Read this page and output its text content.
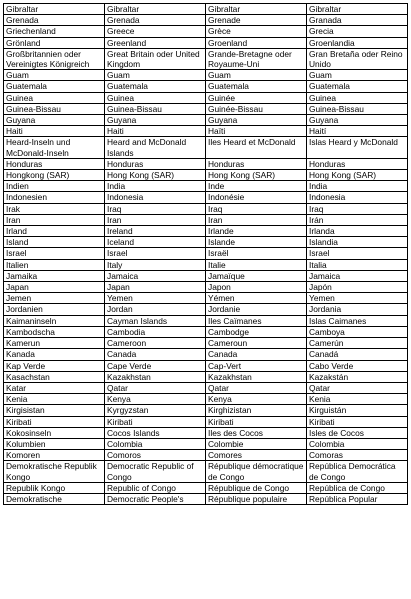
Gibraltar	Gibraltar	Gibraltar	Gibraltar
Grenada	Grenada	Grenade	Granada
Griechenland	Greece	Grèce	Grecia
Grönland	Greenland	Groenland	Groenlandia
Großbritannien oder Vereinigtes Königreich	Great Britain oder United Kingdom	Grande-Bretagne oder Royaume-Uni	Gran Bretaña oder Reino Unido
Guam	Guam	Guam	Guam
Guatemala	Guatemala	Guatemala	Guatemala
Guinea	Guinea	Guinée	Guinea
Guinea-Bissau	Guinea-Bissau	Guinée-Bissau	Guinea-Bissau
Guyana	Guyana	Guyana	Guyana
Haiti	Haiti	Haïti	Haití
Heard-Inseln und McDonald-Inseln	Heard and McDonald Islands	Iles Heard et McDonald	Islas Heard y McDonald
Honduras	Honduras	Honduras	Honduras
Hongkong (SAR)	Hong Kong (SAR)	Hong Kong (SAR)	Hong Kong (SAR)
Indien	India	Inde	India
Indonesien	Indonesia	Indonésie	Indonesia
Irak	Iraq	Iraq	Iraq
Iran	Iran	Iran	Irán
Irland	Ireland	Irlande	Irlanda
Island	Iceland	Islande	Islandia
Israel	Israel	Israël	Israel
Italien	Italy	Italie	Italia
Jamaika	Jamaica	Jamaïque	Jamaica
Japan	Japan	Japon	Japón
Jemen	Yemen	Yémen	Yemen
Jordanien	Jordan	Jordanie	Jordania
Kaimaninseln	Cayman Islands	Iles Caïmanes	Islas Caimanes
Kambodscha	Cambodia	Cambodge	Camboya
Kamerun	Cameroon	Cameroun	Camerún
Kanada	Canada	Canada	Canadá
Kap Verde	Cape Verde	Cap-Vert	Cabo Verde
Kasachstan	Kazakhstan	Kazakhstan	Kazakstán
Katar	Qatar	Qatar	Qatar
Kenia	Kenya	Kenya	Kenia
Kirgisistan	Kyrgyzstan	Kirghizistan	Kirguistán
Kiribati	Kiribati	Kiribati	Kiribati
Kokosinseln	Cocos Islands	Iles des Cocos	Isles de Cocos
Kolumbien	Colombia	Colombie	Colombia
Komoren	Comoros	Comores	Comoras
Demokratische Republik Kongo	Democratic Republic of Congo	République démocratique de Congo	República Democrática de Congo
Republik Kongo	Republic of Congo	République de Congo	República de Congo
Demokratische	Democratic People's	République populaire	República Popular
